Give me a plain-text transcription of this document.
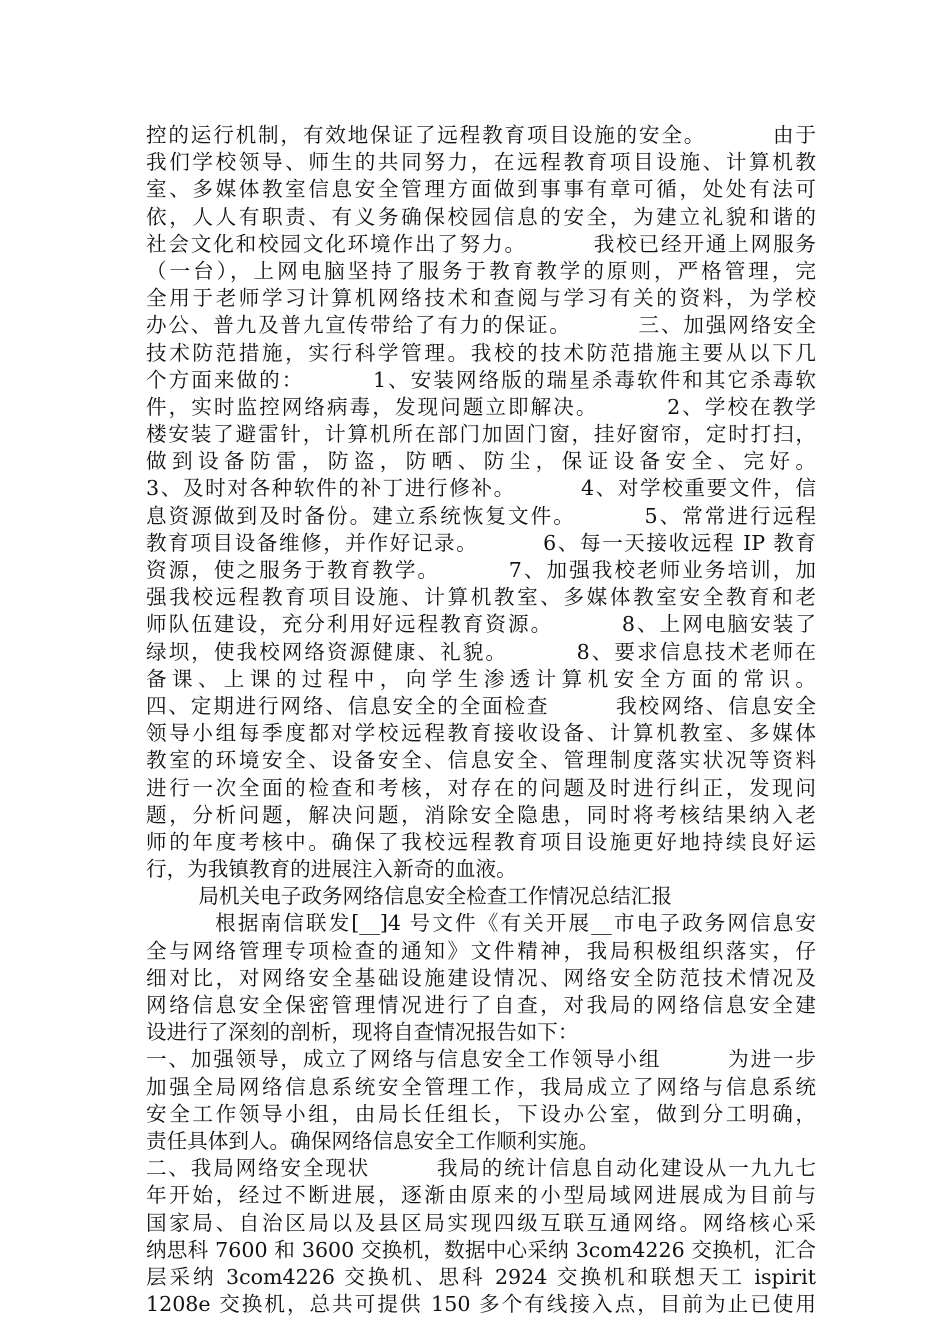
控的运行机制，有效地保证了远程教育项目设施的安全。        由于
我们学校领导、师生的共同努力，在远程教育项目设施、计算机教
室、多媒体教室信息安全管理方面做到事事有章可循，处处有法可
依，人人有职责、有义务确保校园信息的安全，为建立礼貌和谐的
社会文化和校园文化环境作出了努力。        我校已经开通上网服务
（一台），上网电脑坚持了服务于教育教学的原则，严格管理，完
全用于老师学习计算机网络技术和查阅与学习有关的资料，为学校
办公、普九及普九宣传带给了有力的保证。        三、加强网络安全
技术防范措施，实行科学管理。我校的技术防范措施主要从以下几
个方面来做的：        1、安装网络版的瑞星杀毒软件和其它杀毒软
件，实时监控网络病毒，发现问题立即解决。        2、学校在教学
楼安装了避雷针，计算机所在部门加固门窗，挂好窗帘，定时打扫，
做到设备防雷，防盗，防晒、防尘，保证设备安全、完好。
3、及时对各种软件的补丁进行修补。        4、对学校重要文件，信
息资源做到及时备份。建立系统恢复文件。        5、常常进行远程
教育项目设备维修，并作好记录。        6、每一天接收远程 IP 教育
资源，使之服务于教育教学。        7、加强我校老师业务培训，加
强我校远程教育项目设施、计算机教室、多媒体教室安全教育和老
师队伍建设，充分利用好远程教育资源。        8、上网电脑安装了
绿坝，使我校网络资源健康、礼貌。        8、要求信息技术老师在
备课、上课的过程中，向学生渗透计算机安全方面的常识。
四、定期进行网络、信息安全的全面检查        我校网络、信息安全
领导小组每季度都对学校远程教育接收设备、计算机教室、多媒体
教室的环境安全、设备安全、信息安全、管理制度落实状况等资料
进行一次全面的检查和考核，对存在的问题及时进行纠正，发现问
题，分析问题，解决问题，消除安全隐患，同时将考核结果纳入老
师的年度考核中。确保了我校远程教育项目设施更好地持续良好运
行，为我镇教育的进展注入新奇的血液。
局机关电子政务网络信息安全检查工作情况总结汇报
根据南信联发[__]4 号文件《有关开展__市电子政务网信息安
全与网络管理专项检查的通知》文件精神，我局积极组织落实，仔
细对比，对网络安全基础设施建设情况、网络安全防范技术情况及
网络信息安全保密管理情况进行了自查，对我局的网络信息安全建
设进行了深刻的剖析，现将自查情况报告如下：
一、加强领导，成立了网络与信息安全工作领导小组        为进一步
加强全局网络信息系统安全管理工作，我局成立了网络与信息系统
安全工作领导小组，由局长任组长，下设办公室，做到分工明确，
责任具体到人。确保网络信息安全工作顺利实施。
二、我局网络安全现状        我局的统计信息自动化建设从一九九七
年开始，经过不断进展，逐渐由原来的小型局域网进展成为目前与
国家局、自治区局以及县区局实现四级互联互通网络。网络核心采
纳思科 7600 和 3600 交换机，数据中心采纳 3com4226 交换机，汇合
层采纳 3com4226 交换机、思科 2924 交换机和联想天工 ispirit
1208e 交换机，总共可提供 150 多个有线接入点，目前为止已使用
